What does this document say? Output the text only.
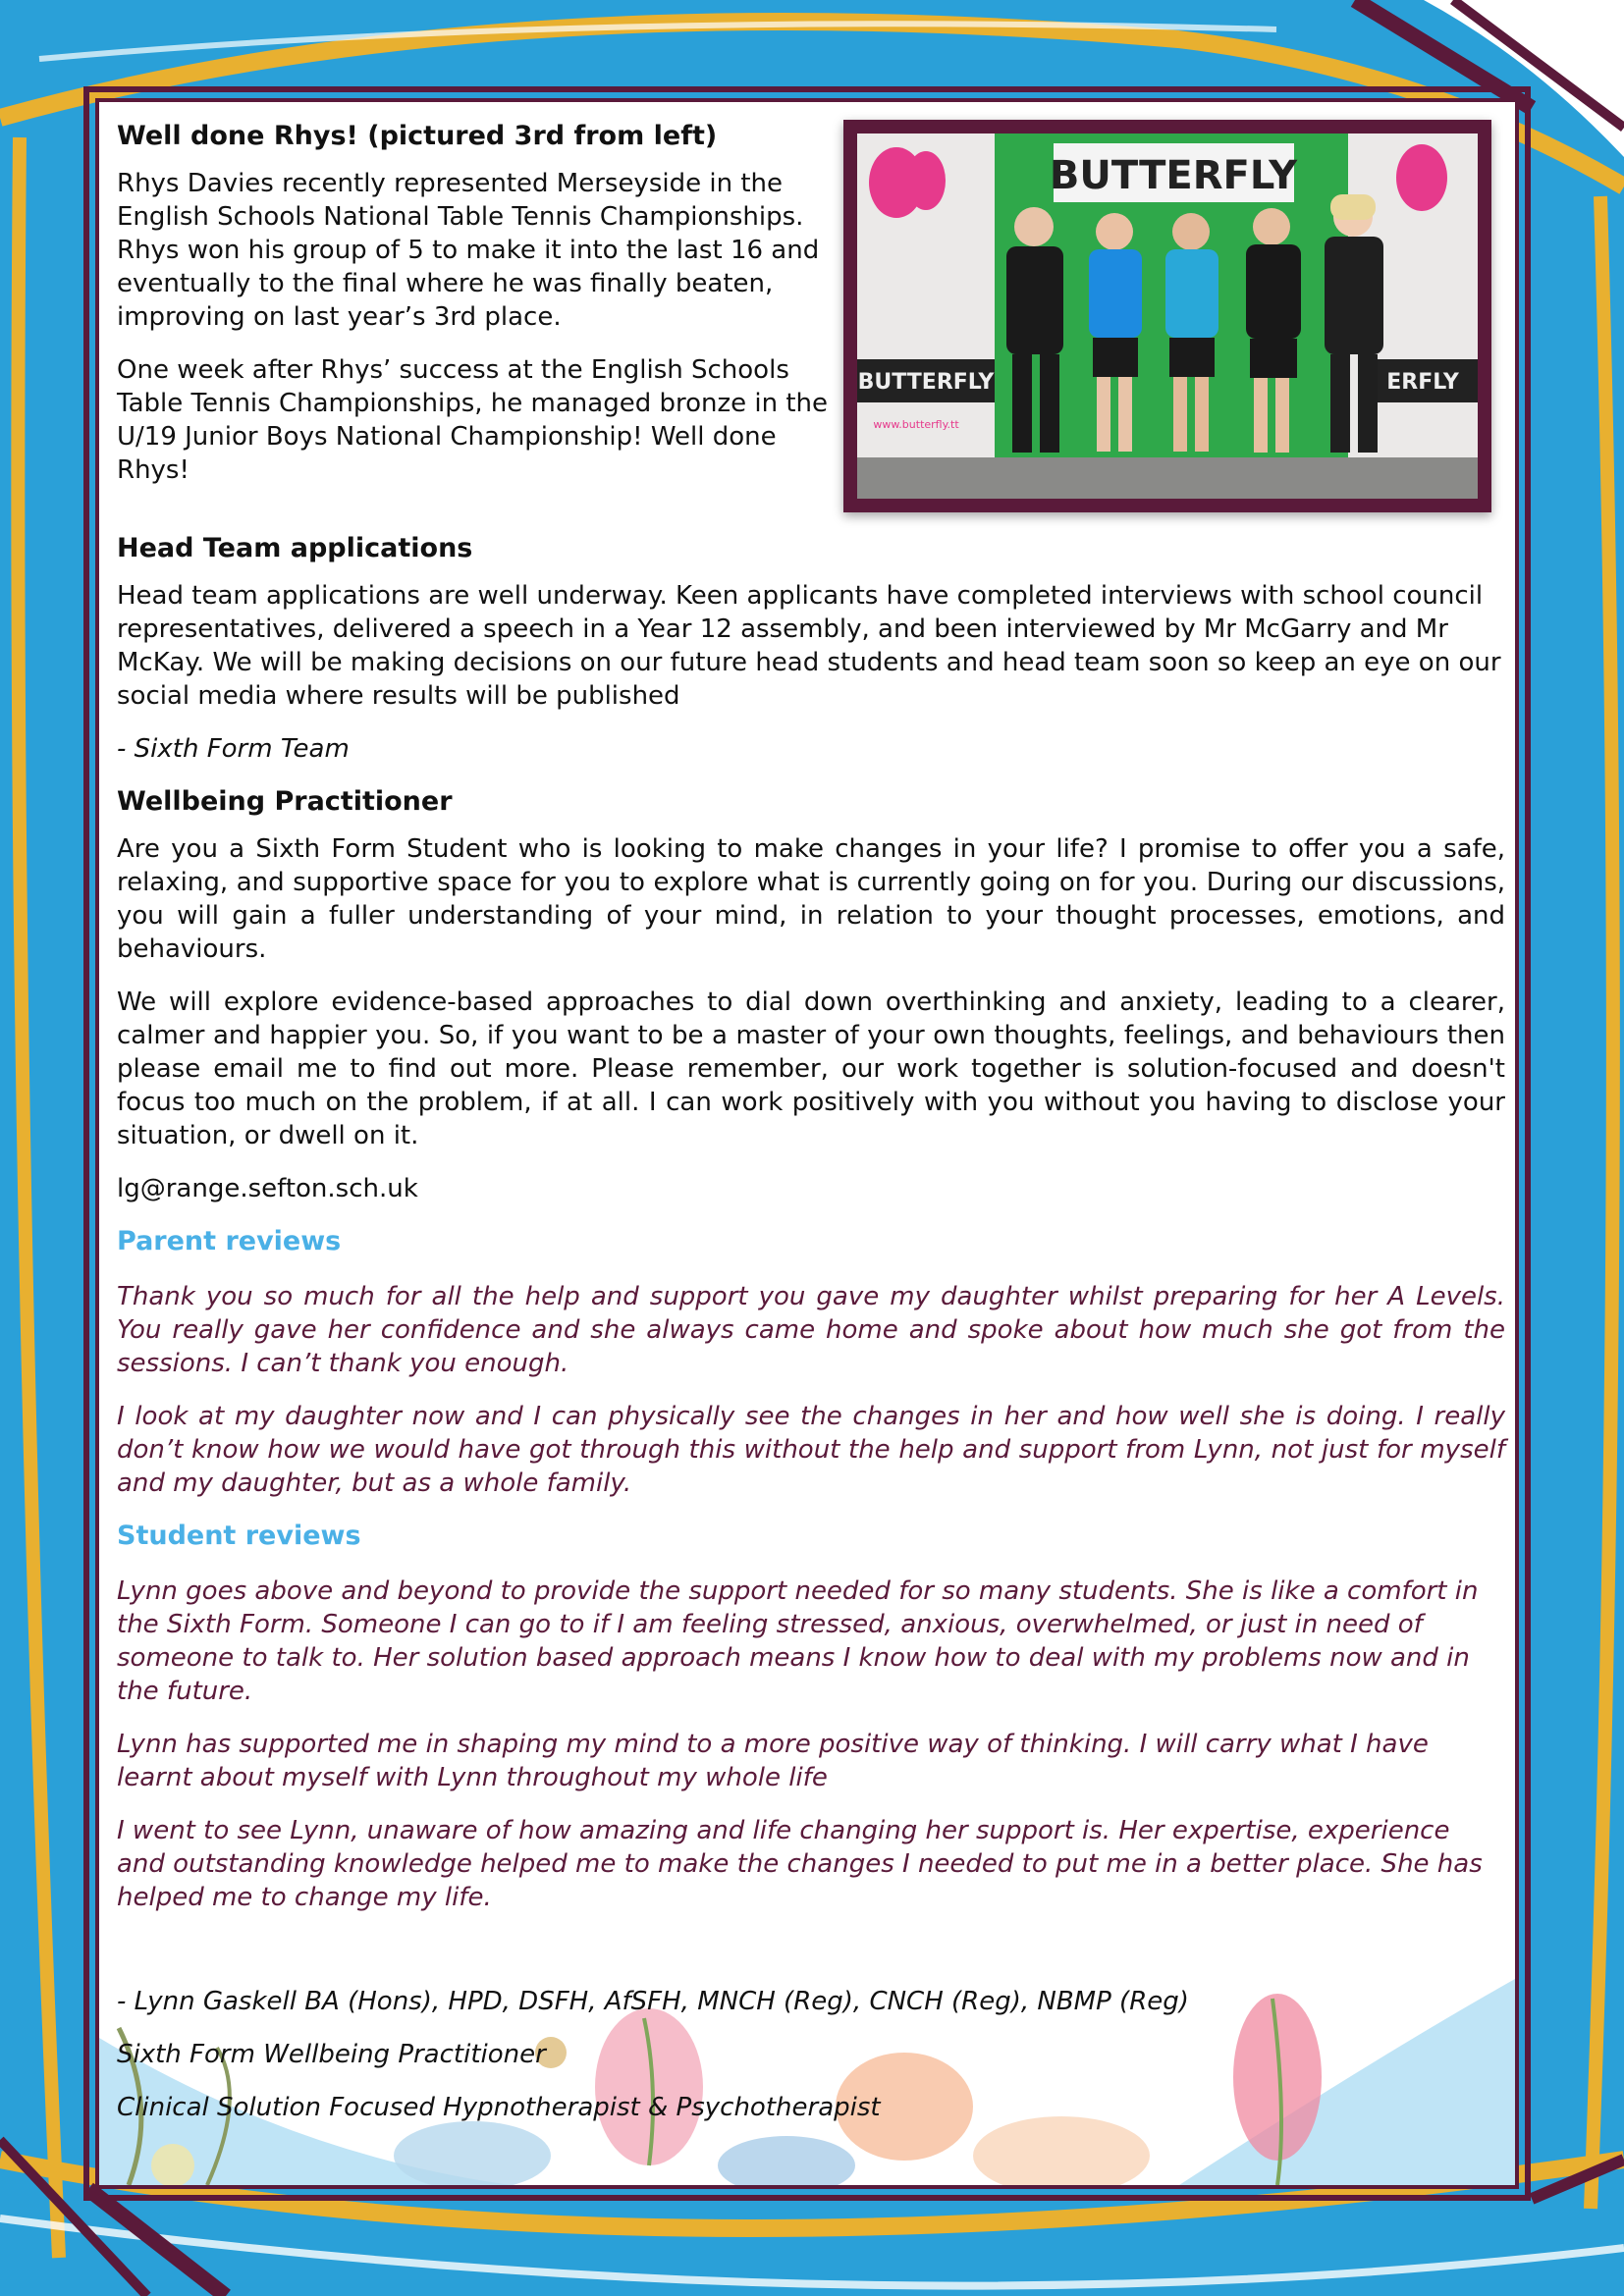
Well done Rhys! (pictured 3rd from left)

Rhys Davies recently represented Merseyside in the English Schools National Table Tennis Championships. Rhys won his group of 5 to make it into the last 16 and eventually to the final where he was finally beaten, improving on last year’s 3rd place.

One week after Rhys’ success at the English Schools Table Tennis Championships, he managed bronze in the U/19 Junior Boys National Championship! Well done Rhys!

BUTTERFLY
BUTTERFLY
www.butterfly.tt
ERFLY

Head Team applications

Head team applications are well underway. Keen applicants have completed interviews with school council representatives, delivered a speech in a Year 12 assembly, and been interviewed by Mr McGarry and Mr McKay. We will be making decisions on our future head students and head team soon so keep an eye on our social media where results will be published

- Sixth Form Team

Wellbeing Practitioner

Are you a Sixth Form Student who is looking to make changes in your life? I promise to offer you a safe, relaxing, and supportive space for you to explore what is currently going on for you. During our discussions, you will gain a fuller understanding of your mind, in relation to your thought processes, emotions, and behaviours.

We will explore evidence-based approaches to dial down overthinking and anxiety, leading to a clearer, calmer and happier you. So, if you want to be a master of your own thoughts, feelings, and behaviours then please email me to find out more. Please remember, our work together is solution-focused and doesn't focus too much on the problem, if at all. I can work positively with you without you having to disclose your situation, or dwell on it.

lg@range.sefton.sch.uk

Parent reviews

Thank you so much for all the help and support you gave my daughter whilst preparing for her A Levels. You really gave her confidence and she always came home and spoke about how much she got from the sessions. I can’t thank you enough.

I look at my daughter now and I can physically see the changes in her and how well she is doing. I really don’t know how we would have got through this without the help and support from Lynn, not just for myself and my daughter, but as a whole family.

Student reviews

Lynn goes above and beyond to provide the support needed for so many students. She is like a comfort in the Sixth Form. Someone I can go to if I am feeling stressed, anxious, overwhelmed, or just in need of someone to talk to. Her solution based approach means I know how to deal with my problems now and in the future.

Lynn has supported me in shaping my mind to a more positive way of thinking. I will carry what I have learnt about myself with Lynn throughout my whole life

I went to see Lynn, unaware of how amazing and life changing her support is. Her expertise, experience and outstanding knowledge helped me to make the changes I needed to put me in a better place. She has helped me to change my life.

- Lynn Gaskell BA (Hons), HPD, DSFH, AfSFH, MNCH (Reg), CNCH (Reg), NBMP (Reg)

Sixth Form Wellbeing Practitioner

Clinical Solution Focused Hypnotherapist & Psychotherapist
